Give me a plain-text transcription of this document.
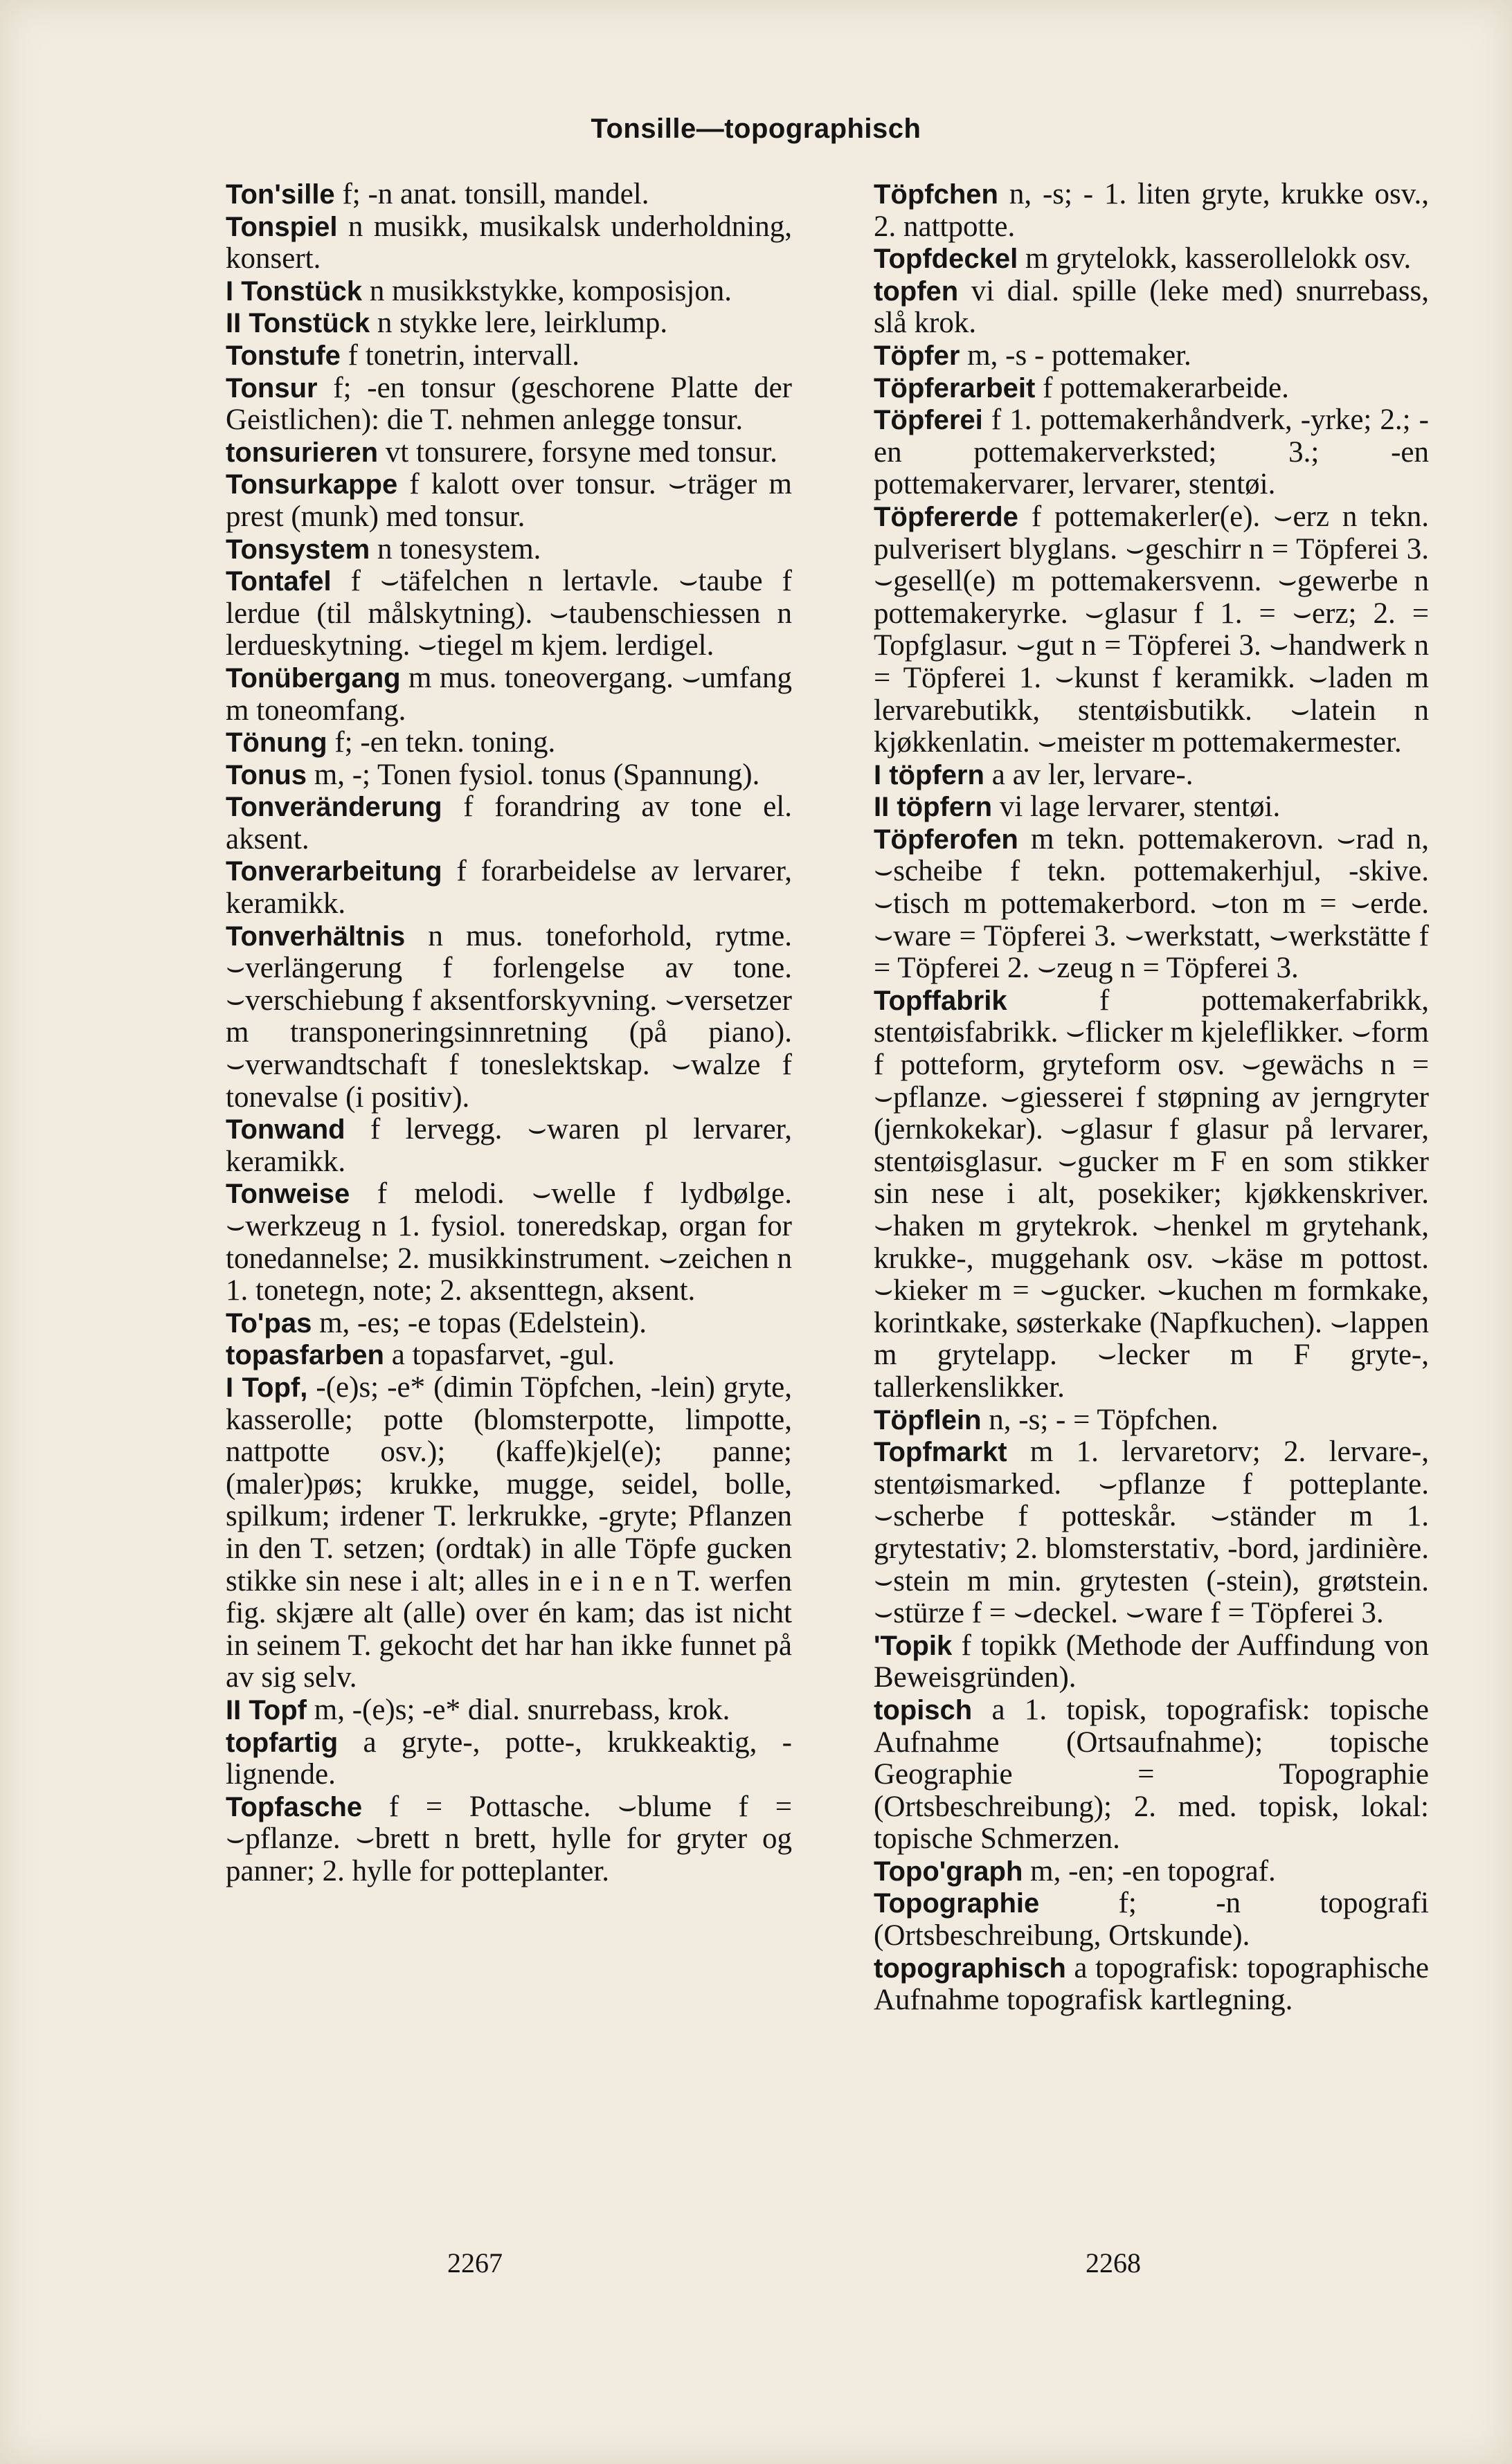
Tonsille—topographisch

Ton'sille f; -n anat. tonsill, mandel.

Tonspiel n musikk, musikalsk underholdning, konsert.

I Tonstück n musikkstykke, komposisjon.

II Tonstück n stykke lere, leirklump.

Tonstufe f tonetrin, intervall.

Tonsur f; -en tonsur (geschorene Platte der Geistlichen): die T. nehmen anlegge tonsur.

tonsurieren vt tonsurere, forsyne med tonsur.

Tonsurkappe f kalott over tonsur. ⌣träger m prest (munk) med tonsur.

Tonsystem n tonesystem.

Tontafel f ⌣täfelchen n lertavle. ⌣taube f lerdue (til målskytning). ⌣taubenschiessen n lerdueskytning. ⌣tiegel m kjem. lerdigel.

Tonübergang m mus. toneovergang. ⌣umfang m toneomfang.

Tönung f; -en tekn. toning.

Tonus m, -; Tonen fysiol. tonus (Spannung).

Tonveränderung f forandring av tone el. aksent.

Tonverarbeitung f forarbeidelse av lervarer, keramikk.

Tonverhältnis n mus. toneforhold, rytme. ⌣verlängerung f forlengelse av tone. ⌣verschiebung f aksentforskyvning. ⌣versetzer m transponeringsinnretning (på piano). ⌣verwandtschaft f toneslektskap. ⌣walze f tonevalse (i positiv).

Tonwand f lervegg. ⌣waren pl lervarer, keramikk.

Tonweise f melodi. ⌣welle f lydbølge. ⌣werkzeug n 1. fysiol. toneredskap, organ for tonedannelse; 2. musikkinstrument. ⌣zeichen n 1. tonetegn, note; 2. aksenttegn, aksent.

To'pas m, -es; -e topas (Edelstein).

topasfarben a topasfarvet, -gul.

I Topf, -(e)s; -e* (dimin Töpfchen, -lein) gryte, kasserolle; potte (blomsterpotte, limpotte, nattpotte osv.); (kaffe)kjel(e); panne; (maler)pøs; krukke, mugge, seidel, bolle, spilkum; irdener T. lerkrukke, -gryte; Pflanzen in den T. setzen; (ordtak) in alle Töpfe gucken stikke sin nese i alt; alles in e i n e n T. werfen fig. skjære alt (alle) over én kam; das ist nicht in seinem T. gekocht det har han ikke funnet på av sig selv.

II Topf m, -(e)s; -e* dial. snurrebass, krok.

topfartig a gryte-, potte-, krukkeaktig, -lignende.

Topfasche f = Pottasche. ⌣blume f = ⌣pflanze. ⌣brett n brett, hylle for gryter og panner; 2. hylle for potteplanter.

Töpfchen n, -s; - 1. liten gryte, krukke osv., 2. nattpotte.

Topfdeckel m grytelokk, kasserollelokk osv.

topfen vi dial. spille (leke med) snurrebass, slå krok.

Töpfer m, -s - pottemaker.

Töpferarbeit f pottemakerarbeide.

Töpferei f 1. pottemakerhåndverk, -yrke; 2.; -en pottemakerverksted; 3.; -en pottemakervarer, lervarer, stentøi.

Töpfererde f pottemakerler(e). ⌣erz n tekn. pulverisert blyglans. ⌣geschirr n = Töpferei 3. ⌣gesell(e) m pottemakersvenn. ⌣gewerbe n pottemakeryrke. ⌣glasur f 1. = ⌣erz; 2. = Topfglasur. ⌣gut n = Töpferei 3. ⌣handwerk n = Töpferei 1. ⌣kunst f keramikk. ⌣laden m lervarebutikk, stentøisbutikk. ⌣latein n kjøkkenlatin. ⌣meister m pottemakermester.

I töpfern a av ler, lervare-.

II töpfern vi lage lervarer, stentøi.

Töpferofen m tekn. pottemakerovn. ⌣rad n, ⌣scheibe f tekn. pottemakerhjul, -skive. ⌣tisch m pottemakerbord. ⌣ton m = ⌣erde. ⌣ware = Töpferei 3. ⌣werkstatt, ⌣werkstätte f = Töpferei 2. ⌣zeug n = Töpferei 3.

Topffabrik f pottemakerfabrikk, stentøisfabrikk. ⌣flicker m kjeleflikker. ⌣form f potteform, gryteform osv. ⌣gewächs n = ⌣pflanze. ⌣giesserei f støpning av jerngryter (jernkokekar). ⌣glasur f glasur på lervarer, stentøisglasur. ⌣gucker m F en som stikker sin nese i alt, posekiker; kjøkkenskriver. ⌣haken m grytekrok. ⌣henkel m grytehank, krukke-, muggehank osv. ⌣käse m pottost. ⌣kieker m = ⌣gucker. ⌣kuchen m formkake, korintkake, søsterkake (Napfkuchen). ⌣lappen m grytelapp. ⌣lecker m F gryte-, tallerkenslikker.

Töpflein n, -s; - = Töpfchen.

Topfmarkt m 1. lervaretorv; 2. lervare-, stentøismarked. ⌣pflanze f potteplante. ⌣scherbe f potteskår. ⌣ständer m 1. grytestativ; 2. blomsterstativ, -bord, jardinière. ⌣stein m min. grytesten (-stein), grøtstein. ⌣stürze f = ⌣deckel. ⌣ware f = Töpferei 3.

'Topik f topikk (Methode der Auffindung von Beweisgründen).

topisch a 1. topisk, topografisk: topische Aufnahme (Ortsaufnahme); topische Geographie = Topographie (Ortsbeschreibung); 2. med. topisk, lokal: topische Schmerzen.

Topo'graph m, -en; -en topograf.

Topographie f; -n topografi (Ortsbeschreibung, Ortskunde).

topographisch a topografisk: topographische Aufnahme topografisk kartlegning.

2267	2268
